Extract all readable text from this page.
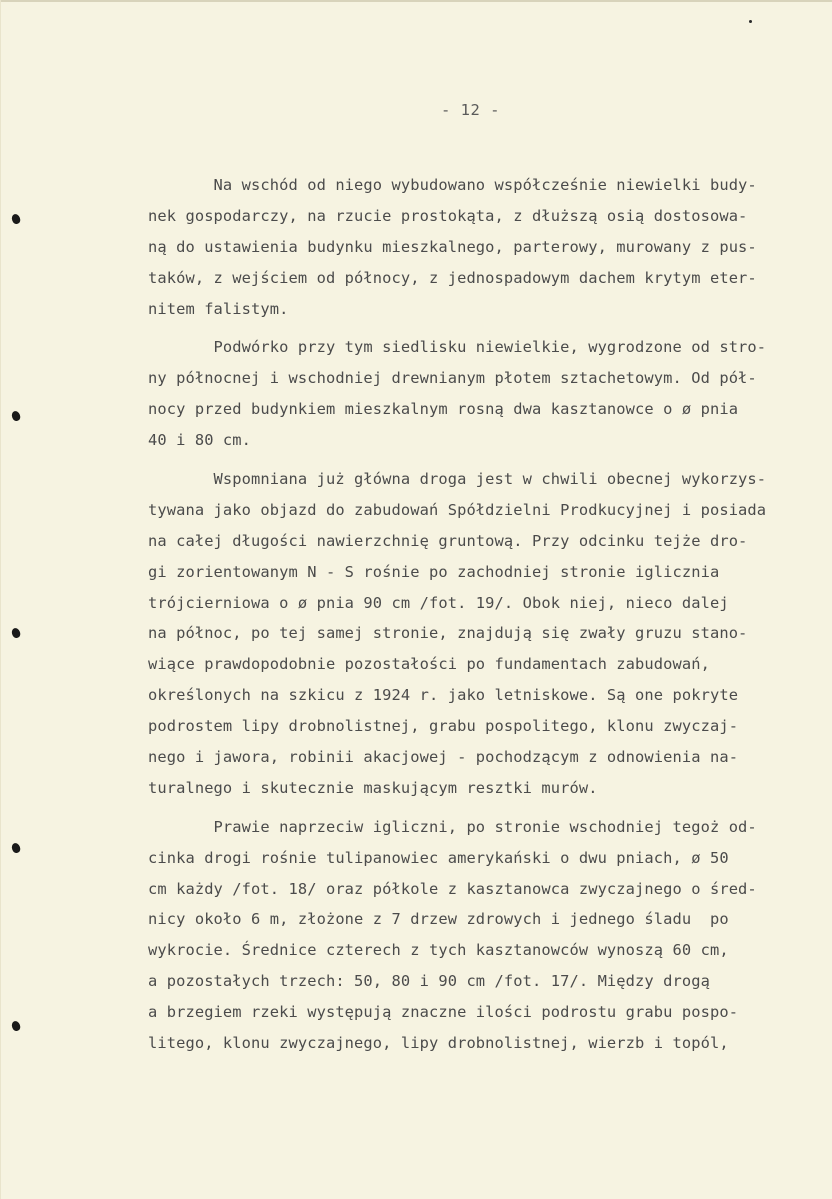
- 12 -
Na wschód od niego wybudowano współcześnie niewielki budy-
nek gospodarczy, na rzucie prostokąta, z dłuższą osią dostosowa-
ną do ustawienia budynku mieszkalnego, parterowy, murowany z pus-
taków, z wejściem od północy, z jednospadowym dachem krytym eter-
nitem falistym.
Podwórko przy tym siedlisku niewielkie, wygrodzone od stro-
ny północnej i wschodniej drewnianym płotem sztachetowym. Od pół-
nocy przed budynkiem mieszkalnym rosną dwa kasztanowce o ø pnia
40 i 80 cm.
Wspomniana już główna droga jest w chwili obecnej wykorzys-
tywana jako objazd do zabudowań Spółdzielni Prodkucyjnej i posiada
na całej długości nawierzchnię gruntową. Przy odcinku tejże dro-
gi zorientowanym N - S rośnie po zachodniej stronie iglicznia
trójcierniowa o ø pnia 90 cm /fot. 19/. Obok niej, nieco dalej
na północ, po tej samej stronie, znajdują się zwały gruzu stano-
wiące prawdopodobnie pozostałości po fundamentach zabudowań,
określonych na szkicu z 1924 r. jako letniskowe. Są one pokryte
podrostem lipy drobnolistnej, grabu pospolitego, klonu zwyczaj-
nego i jawora, robinii akacjowej - pochodzącym z odnowienia na-
turalnego i skutecznie maskującym resztki murów.
Prawie naprzeciw igliczni, po stronie wschodniej tegoż od-
cinka drogi rośnie tulipanowiec amerykański o dwu pniach, ø 50
cm każdy /fot. 18/ oraz półkole z kasztanowca zwyczajnego o śred-
nicy około 6 m, złożone z 7 drzew zdrowych i jednego śladu  po
wykrocie. Średnice czterech z tych kasztanowców wynoszą 60 cm,
a pozostałych trzech: 50, 80 i 90 cm /fot. 17/. Między drogą
a brzegiem rzeki występują znaczne ilości podrostu grabu pospo-
litego, klonu zwyczajnego, lipy drobnolistnej, wierzb i topól,
